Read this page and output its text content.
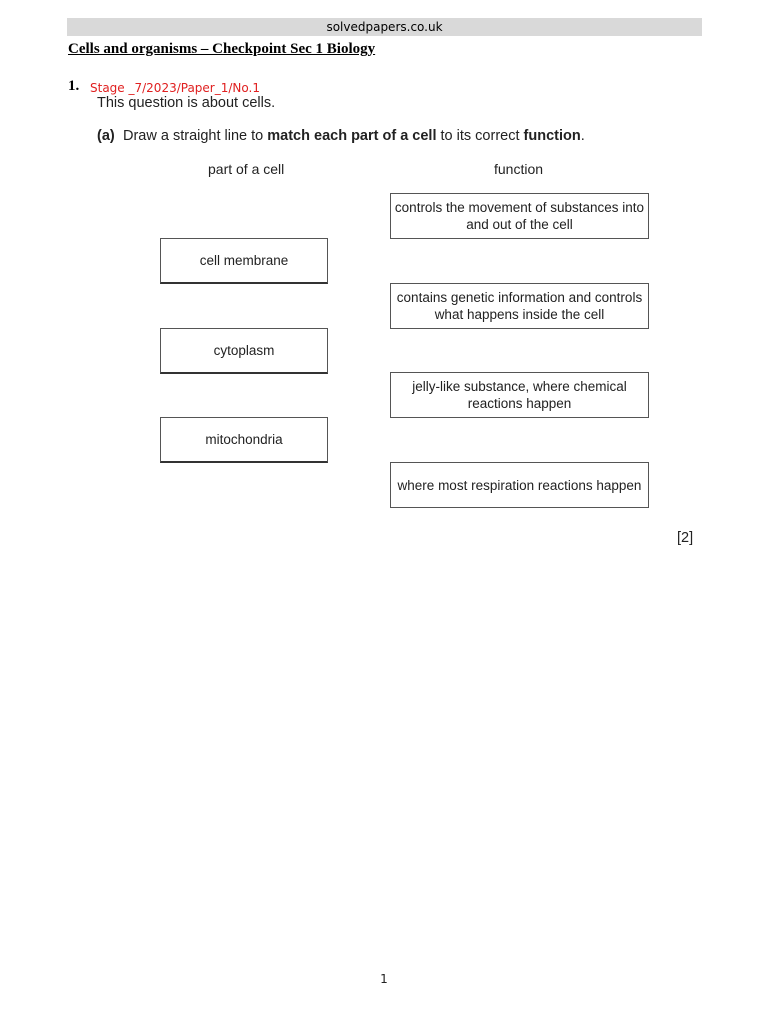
solvedpapers.co.uk
Cells and organisms – Checkpoint Sec 1 Biology
1. Stage _7/2023/Paper_1/No.1
This question is about cells.
(a) Draw a straight line to match each part of a cell to its correct function.
part of a cell	function
cell membrane
cytoplasm
mitochondria
controls the movement of substances into and out of the cell
contains genetic information and controls what happens inside the cell
jelly-like substance, where chemical reactions happen
where most respiration reactions happen
[2]
1
